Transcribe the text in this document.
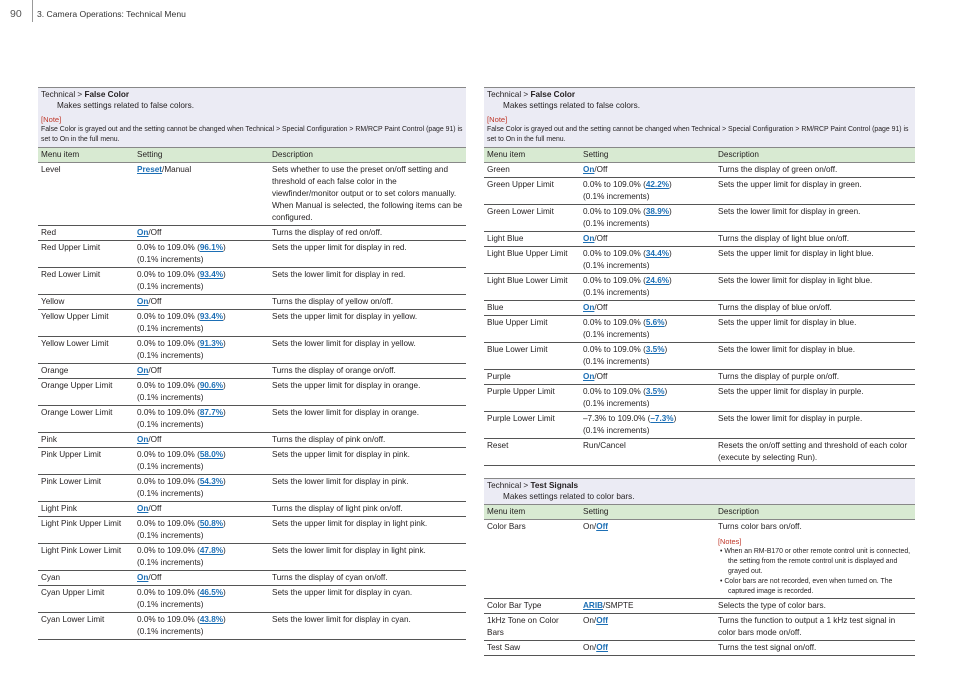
90 3. Camera Operations: Technical Menu
Technical > False Color
Makes settings related to false colors.
[Note]
False Color is grayed out and the setting cannot be changed when Technical > Special Configuration > RM/RCP Paint Control (page 91) is set to On in the full menu.
Menu item	Setting	Description
Level	Preset/Manual	Sets whether to use the preset on/off setting and threshold of each false color in the viewfinder/monitor output or to set colors manually.
When Manual is selected, the following items can be configured.
Red	On/Off	Turns the display of red on/off.
Red Upper Limit	0.0% to 109.0% (96.1%)
(0.1% increments)	Sets the upper limit for display in red.
Red Lower Limit	0.0% to 109.0% (93.4%)
(0.1% increments)	Sets the lower limit for display in red.
Yellow	On/Off	Turns the display of yellow on/off.
Yellow Upper Limit	0.0% to 109.0% (93.4%)
(0.1% increments)	Sets the upper limit for display in yellow.
Yellow Lower Limit	0.0% to 109.0% (91.3%)
(0.1% increments)	Sets the lower limit for display in yellow.
Orange	On/Off	Turns the display of orange on/off.
Orange Upper Limit	0.0% to 109.0% (90.6%)
(0.1% increments)	Sets the upper limit for display in orange.
Orange Lower Limit	0.0% to 109.0% (87.7%)
(0.1% increments)	Sets the lower limit for display in orange.
Pink	On/Off	Turns the display of pink on/off.
Pink Upper Limit	0.0% to 109.0% (58.0%)
(0.1% increments)	Sets the upper limit for display in pink.
Pink Lower Limit	0.0% to 109.0% (54.3%)
(0.1% increments)	Sets the lower limit for display in pink.
Light Pink	On/Off	Turns the display of light pink on/off.
Light Pink Upper Limit	0.0% to 109.0% (50.8%)
(0.1% increments)	Sets the upper limit for display in light pink.
Light Pink Lower Limit	0.0% to 109.0% (47.8%)
(0.1% increments)	Sets the lower limit for display in light pink.
Cyan	On/Off	Turns the display of cyan on/off.
Cyan Upper Limit	0.0% to 109.0% (46.5%)
(0.1% increments)	Sets the upper limit for display in cyan.
Cyan Lower Limit	0.0% to 109.0% (43.8%)
(0.1% increments)	Sets the lower limit for display in cyan.
Technical > False Color
Makes settings related to false colors.
[Note]
False Color is grayed out and the setting cannot be changed when Technical > Special Configuration > RM/RCP Paint Control (page 91) is set to On in the full menu.
Menu item	Setting	Description
Green	On/Off	Turns the display of green on/off.
Green Upper Limit	0.0% to 109.0% (42.2%)
(0.1% increments)	Sets the upper limit for display in green.
Green Lower Limit	0.0% to 109.0% (38.9%)
(0.1% increments)	Sets the lower limit for display in green.
Light Blue	On/Off	Turns the display of light blue on/off.
Light Blue Upper Limit	0.0% to 109.0% (34.4%)
(0.1% increments)	Sets the upper limit for display in light blue.
Light Blue Lower Limit	0.0% to 109.0% (24.6%)
(0.1% increments)	Sets the lower limit for display in light blue.
Blue	On/Off	Turns the display of blue on/off.
Blue Upper Limit	0.0% to 109.0% (5.6%)
(0.1% increments)	Sets the upper limit for display in blue.
Blue Lower Limit	0.0% to 109.0% (3.5%)
(0.1% increments)	Sets the lower limit for display in blue.
Purple	On/Off	Turns the display of purple on/off.
Purple Upper Limit	0.0% to 109.0% (3.5%)
(0.1% increments)	Sets the upper limit for display in purple.
Purple Lower Limit	–7.3% to 109.0% (–7.3%)
(0.1% increments)	Sets the lower limit for display in purple.
Reset	Run/Cancel	Resets the on/off setting and threshold of each color (execute by selecting Run).
Technical > Test Signals
Makes settings related to color bars.
Menu item	Setting	Description
Color Bars	On/Off	Turns color bars on/off.
[Notes]
• When an RM-B170 or other remote control unit is connected, the setting from the remote control unit is displayed and grayed out.
• Color bars are not recorded, even when turned on. The captured image is recorded.

Color Bar Type	ARIB/SMPTE	Selects the type of color bars.

1kHz Tone on Color Bars	On/Off	Turns the function to output a 1 kHz test signal in color bars mode on/off.

Test Saw	On/Off	Turns the test signal on/off.
